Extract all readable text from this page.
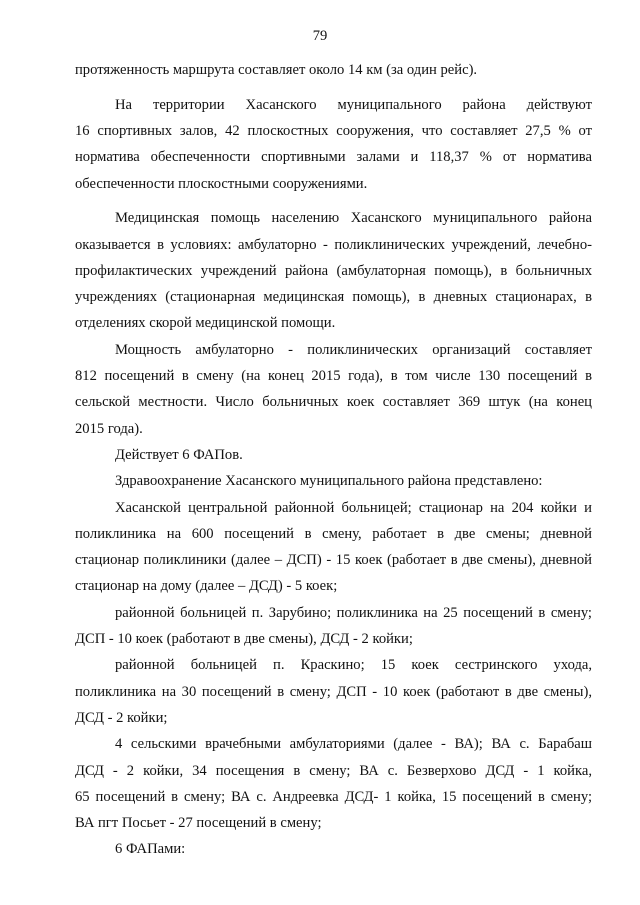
79
протяженность маршрута составляет около 14 км (за один рейс).
На территории Хасанского муниципального района действуют
16 спортивных залов, 42 плоскостных сооружения, что составляет 27,5 % от
норматива обеспеченности спортивными залами и 118,37 % от норматива
обеспеченности плоскостными сооружениями.
Медицинская помощь населению Хасанского муниципального района
оказывается в условиях: амбулаторно - поликлинических учреждений, лечебно-
профилактических учреждений района (амбулаторная помощь), в больничных
учреждениях (стационарная медицинская помощь), в дневных стационарах, в
отделениях скорой медицинской помощи.
Мощность амбулаторно - поликлинических организаций составляет
812 посещений в смену (на конец 2015 года), в том числе 130 посещений в
сельской местности. Число больничных коек составляет 369 штук (на конец
2015 года).
Действует 6 ФАПов.
Здравоохранение Хасанского муниципального района представлено:
Хасанской центральной районной больницей; стационар на 204 койки и
поликлиника на 600 посещений в смену, работает в две смены; дневной
стационар поликлиники (далее – ДСП) - 15 коек (работает в две смены), дневной
стационар на дому (далее – ДСД) - 5 коек;
районной больницей п. Зарубино; поликлиника на 25 посещений в смену;
ДСП - 10 коек (работают в две смены), ДСД - 2 койки;
районной больницей п. Краскино; 15 коек сестринского ухода,
поликлиника на 30 посещений в смену; ДСП - 10 коек (работают в две смены),
ДСД - 2 койки;
4 сельскими врачебными амбулаториями (далее - ВА); ВА с. Барабаш
ДСД - 2 койки, 34 посещения в смену; ВА с. Безверхово ДСД - 1 койка,
65 посещений в смену; ВА с. Андреевка ДСД- 1 койка, 15 посещений в смену;
ВА пгт Посьет - 27 посещений в смену;
6 ФАПами:
